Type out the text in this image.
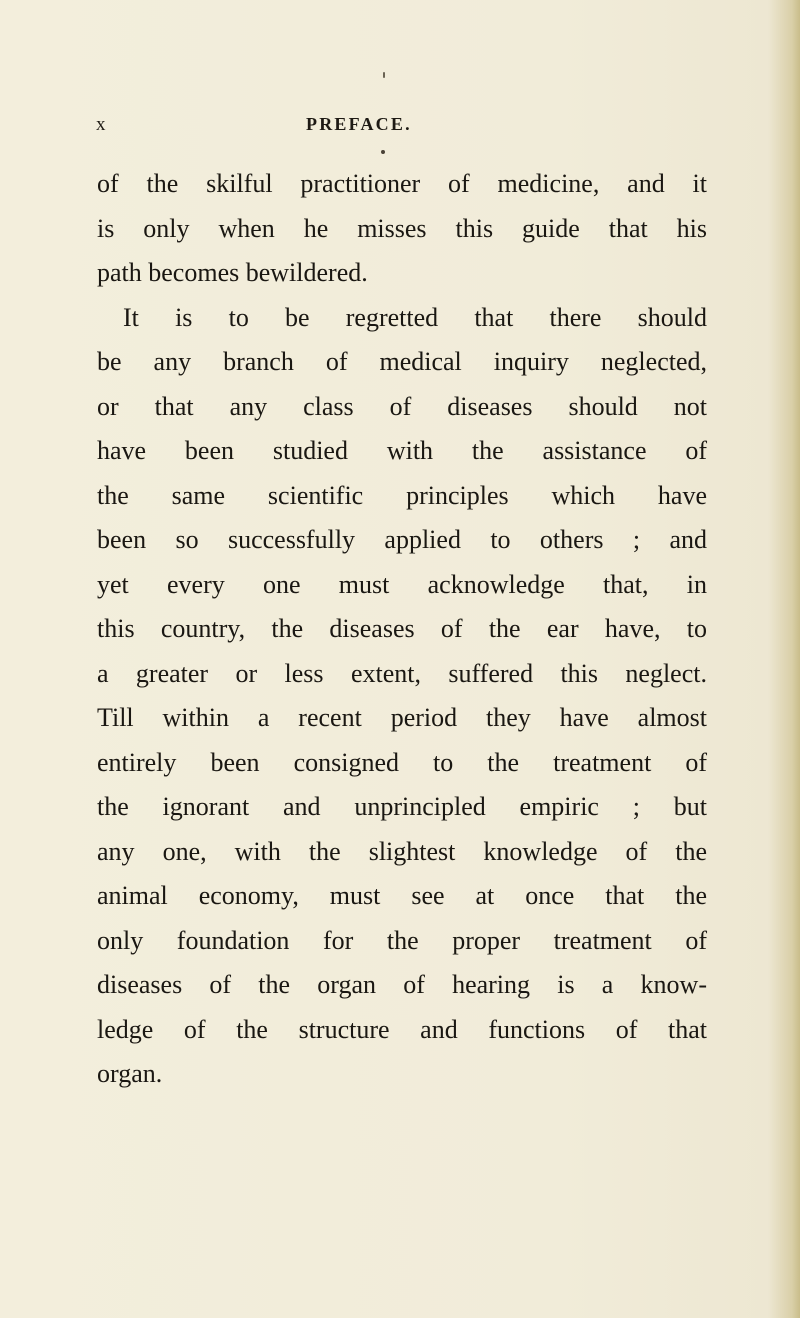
x	PREFACE.
of the skilful practitioner of medicine, and it
is only when he misses this guide that his
path becomes bewildered.
It is to be regretted that there should
be any branch of medical inquiry neglected,
or that any class of diseases should not
have been studied with the assistance of
the same scientific principles which have
been so successfully applied to others ; and
yet every one must acknowledge that, in
this country, the diseases of the ear have, to
a greater or less extent, suffered this neglect.
Till within a recent period they have almost
entirely been consigned to the treatment of
the ignorant and unprincipled empiric ; but
any one, with the slightest knowledge of the
animal economy, must see at once that the
only foundation for the proper treatment of
diseases of the organ of hearing is a know-
ledge of the structure and functions of that
organ.
